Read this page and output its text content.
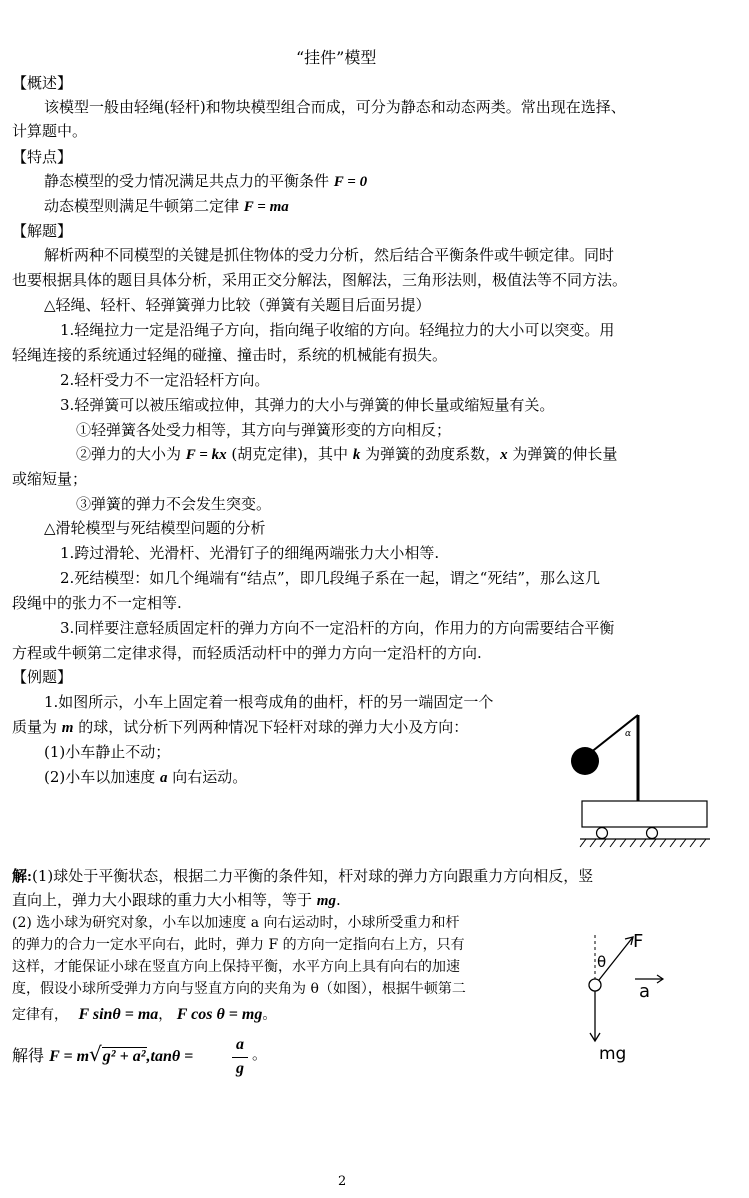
“挂件”模型
【概述】
该模型一般由轻绳(轻杆)和物块模型组合而成，可分为静态和动态两类。常出现在选择、
计算题中。
【特点】
静态模型的受力情况满足共点力的平衡条件 F = 0
动态模型则满足牛顿第二定律 F = ma
【解题】
解析两种不同模型的关键是抓住物体的受力分析，然后结合平衡条件或牛顿定律。同时
也要根据具体的题目具体分析，采用正交分解法，图解法，三角形法则，极值法等不同方法。
△轻绳、轻杆、轻弹簧弹力比较（弹簧有关题目后面另提）
1.轻绳拉力一定是沿绳子方向，指向绳子收缩的方向。轻绳拉力的大小可以突变。用
轻绳连接的系统通过轻绳的碰撞、撞击时，系统的机械能有损失。
2.轻杆受力不一定沿轻杆方向。
3.轻弹簧可以被压缩或拉伸，其弹力的大小与弹簧的伸长量或缩短量有关。
①轻弹簧各处受力相等，其方向与弹簧形变的方向相反；
②弹力的大小为 F = kx (胡克定律)，其中 k 为弹簧的劲度系数，x 为弹簧的伸长量
或缩短量；
③弹簧的弹力不会发生突变。
△滑轮模型与死结模型问题的分析
1.跨过滑轮、光滑杆、光滑钉子的细绳两端张力大小相等.
2.死结模型：如几个绳端有“结点”，即几段绳子系在一起，谓之“死结”，那么这几
段绳中的张力不一定相等.
3.同样要注意轻质固定杆的弹力方向不一定沿杆的方向，作用力的方向需要结合平衡
方程或牛顿第二定律求得，而轻质活动杆中的弹力方向一定沿杆的方向.
【例题】
1.如图所示，小车上固定着一根弯成角的曲杆，杆的另一端固定一个
质量为 m 的球，试分析下列两种情况下轻杆对球的弹力大小及方向：
(1)小车静止不动；
(2)小车以加速度 a 向右运动。
α
解:(1)球处于平衡状态，根据二力平衡的条件知，杆对球的弹力方向跟重力方向相反，竖
直向上，弹力大小跟球的重力大小相等，等于 mg.
(2) 选小球为研究对象，小车以加速度 a 向右运动时，小球所受重力和杆
的弹力的合力一定水平向右，此时，弹力 F 的方向一定指向右上方，只有
这样，才能保证小球在竖直方向上保持平衡，水平方向上具有向右的加速
度，假设小球所受弹力方向与竖直方向的夹角为 θ（如图），根据牛顿第二
定律有， F sinθ = ma， F cos θ = mg。
解得 F = m√g² + a²,tanθ =
a
g
。
F
θ
a
mg
2
